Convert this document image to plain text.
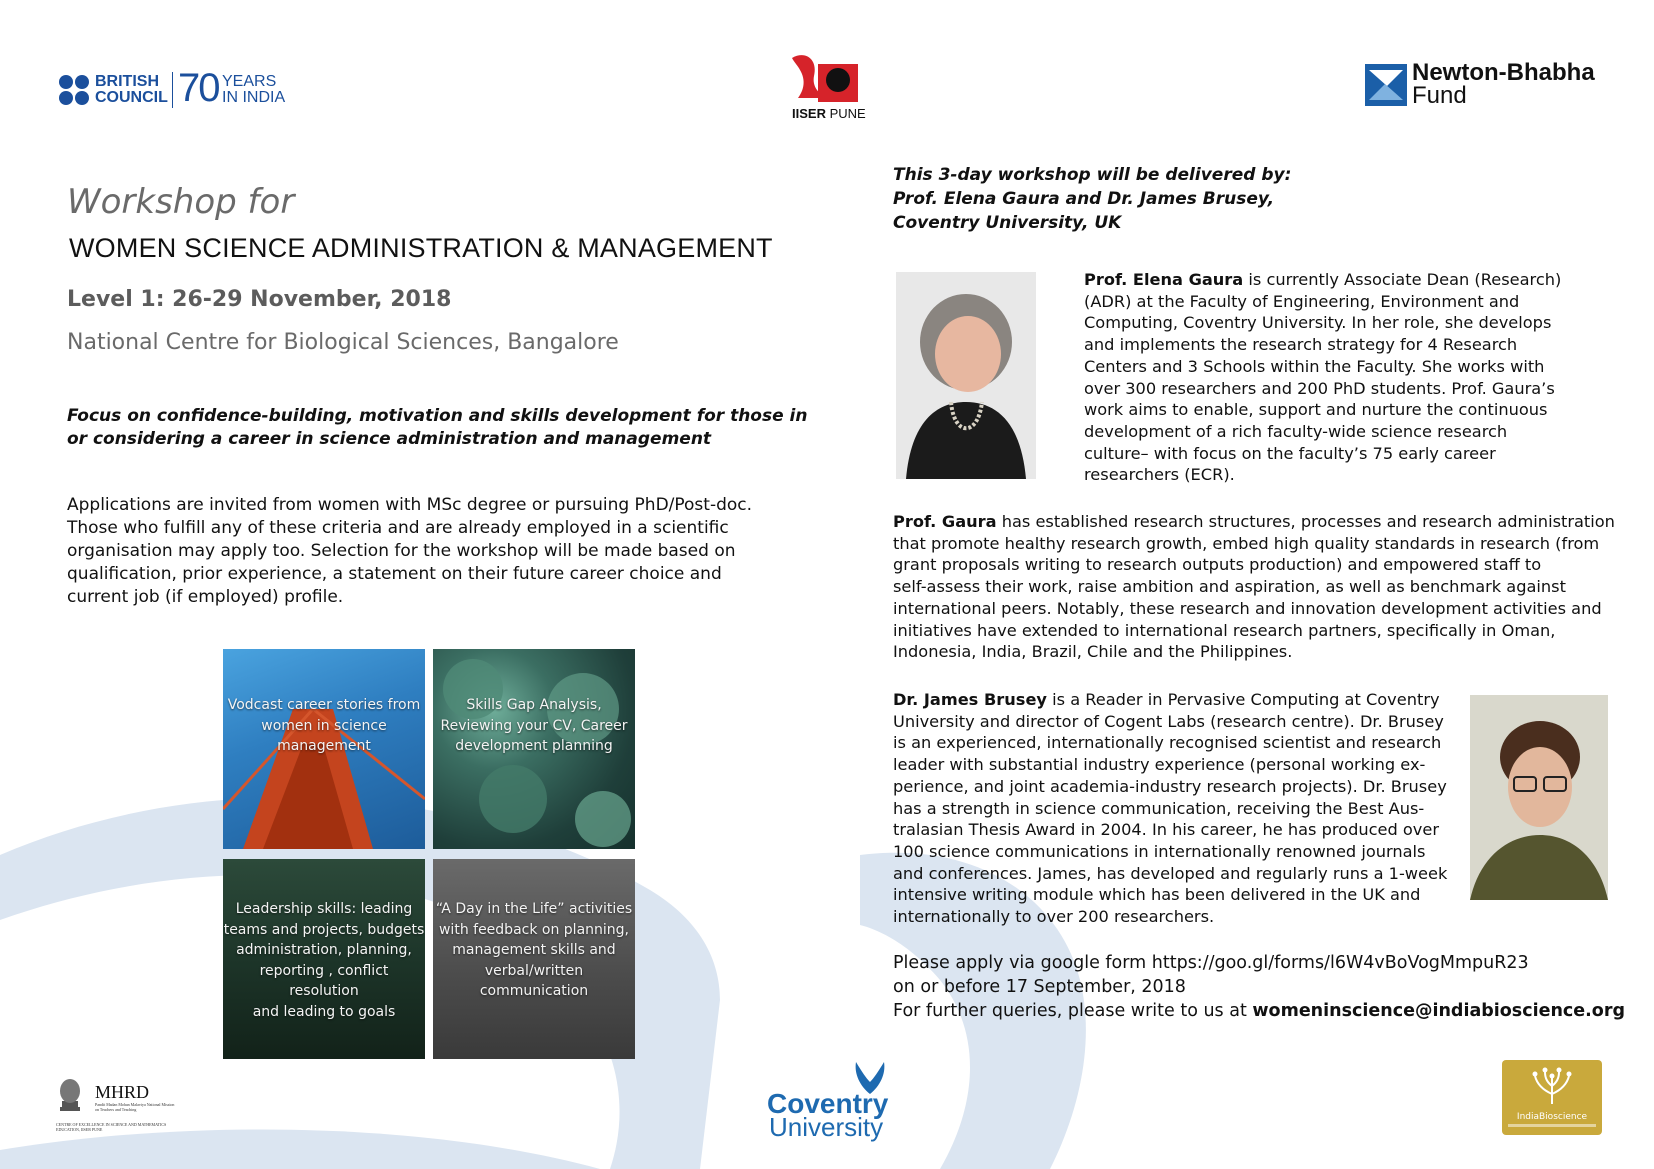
BRITISH
COUNCIL 70 YEARS
IN INDIA
IISER PUNE
Newton-Bhabha
Fund
Workshop for
WOMEN SCIENCE ADMINISTRATION & MANAGEMENT
Level 1: 26-29 November, 2018
National Centre for Biological Sciences, Bangalore
Focus on confidence-building, motivation and skills development for those in
or considering a career in science administration and management
Applications are invited from women with MSc degree or pursuing PhD/Post-doc.
Those who fulfill any of these criteria and are already employed in a scientific
organisation may apply too. Selection for the workshop will be made based on
qualification, prior experience, a statement on their future career choice and
current job (if employed) profile.
Vodcast career stories from
women in science
management
Skills Gap Analysis,
Reviewing your CV, Career
development planning
Leadership skills: leading
teams and projects, budgets
administration, planning,
reporting , conflict resolution
and leading to goals
“A Day in the Life” activities
with feedback on planning,
management skills and
verbal/written
communication
This 3-day workshop will be delivered by:
Prof. Elena Gaura and Dr. James Brusey,
Coventry University, UK
Prof. Elena Gaura is currently Associate Dean (Research)
(ADR) at the Faculty of Engineering, Environment and
Computing, Coventry University. In her role, she develops
and implements the research strategy for 4 Research
Centers and 3 Schools within the Faculty. She works with
over 300 researchers and 200 PhD students. Prof. Gaura’s
work aims to enable, support and nurture the continuous
development of a rich faculty-wide science research
culture– with focus on the faculty’s 75 early career
researchers (ECR).
Prof. Gaura has established research structures, processes and research administration
that promote healthy research growth, embed high quality standards in research (from
grant proposals writing to research outputs production) and empowered staff to
self-assess their work, raise ambition and aspiration, as well as benchmark against
international peers. Notably, these research and innovation development activities and
initiatives have extended to international research partners, specifically in Oman,
Indonesia, India, Brazil, Chile and the Philippines.
Dr. James Brusey is a Reader in Pervasive Computing at Coventry
University and director of Cogent Labs (research centre). Dr. Brusey
is an experienced, internationally recognised scientist and research
leader with substantial industry experience (personal working ex-
perience, and joint academia-industry research projects). Dr. Brusey
has a strength in science communication, receiving the Best Aus-
tralasian Thesis Award in 2004. In his career, he has produced over
100 science communications in internationally renowned journals
and conferences. James, has developed and regularly runs a 1-week
intensive writing module which has been delivered in the UK and
internationally to over 200 researchers.
Please apply via google form https://goo.gl/forms/l6W4vBoVogMmpuR23
on or before 17 September, 2018
For further queries, please write to us at womeninscience@indiabioscience.org
MHRD
Pandit Madan Mohan Malaviya National Mission on Teachers and Teaching
CENTRE OF EXCELLENCE IN SCIENCE AND MATHEMATICS EDUCATION, IISER PUNE
Coventry
University	IndiaBioscience
